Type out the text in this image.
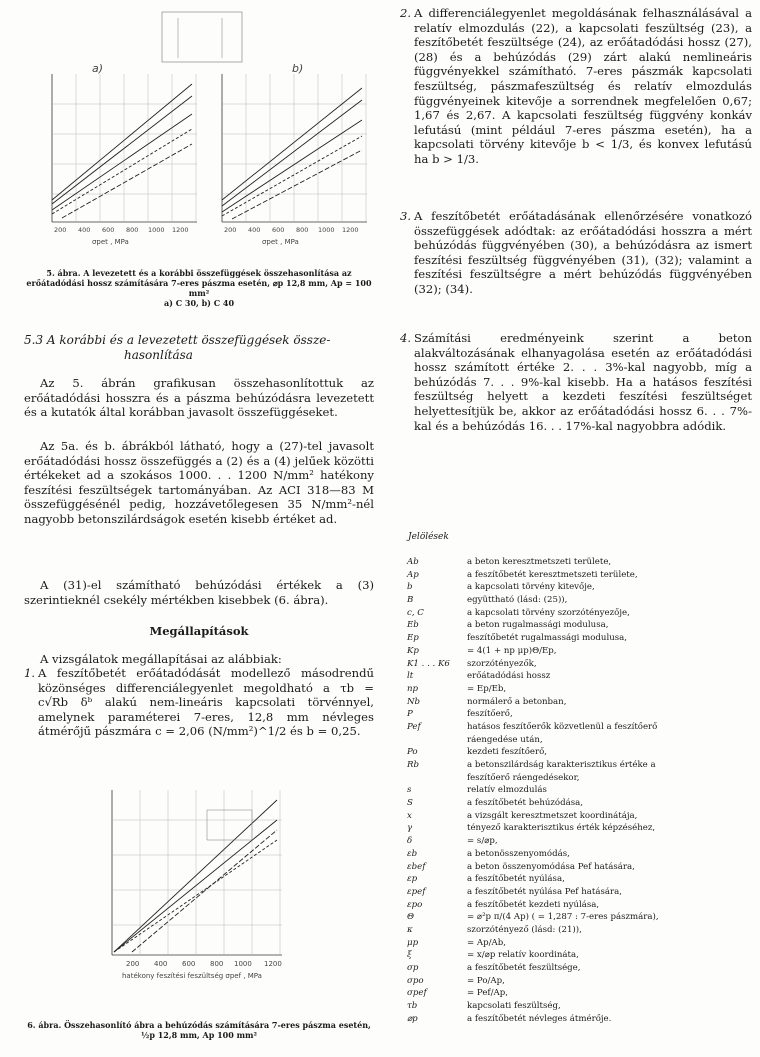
a)	b)
200 400 600 800 1000 1200	200 400 600 800 1000 1200
σpet , MPa	σpet , MPa
5. ábra. A levezetett és a korábbi összefüggések összehasonlítása az erőátadódási hossz számítására 7-eres pászma esetén, ⌀p 12,8 mm, Ap = 100 mm²
a) C 30, b) C 40
5.3 A korábbi és a levezetett összefüggések össze-
hasonlítása
Az 5. ábrán grafikusan összehasonlítottuk az erőátadódási hosszra és a pászma behúzódásra levezetett és a kutatók által korábban javasolt összefüggéseket.
Az 5a. és b. ábrákból látható, hogy a (27)-tel javasolt erőátadódási hossz összefüggés a (2) és a (4) jelűek közötti értékeket ad a szokásos 1000. . . 1200 N/mm² hatékony feszítési feszültségek tartományában. Az ACI 318—83 M összefüggésénél pedig, hozzávetőlegesen 35 N/mm²-nél nagyobb betonszilárdságok esetén kisebb értéket ad.
A (31)-el számítható behúzódási értékek a (3) szerintieknél csekély mértékben kisebbek (6. ábra).
Megállapítások
A vizsgálatok megállapításai az alábbiak:
1. A feszítőbetét erőátadódását modellező másodrendű közönséges differenciálegyenlet megoldható a τb = c√Rb δᵇ alakú nem-lineáris kapcsolati törvénnyel, amelynek paraméterei 7-eres, 12,8 mm névleges átmérőjű pászmára c = 2,06 (N/mm²)^1/2 és b = 0,25.
200 400 600 800 1000 1200
hatékony feszítési feszültség σpef , MPa
6. ábra. Összehasonlító ábra a behúzódás számítására 7-eres pászma esetén, ½p 12,8 mm, Ap 100 mm²
2. A differenciálegyenlet megoldásának felhasználásával a relatív elmozdulás (22), a kapcsolati feszültség (23), a feszítőbetét feszültsége (24), az erőátadódási hossz (27), (28) és a behúzódás (29) zárt alakú nemlineáris függvényekkel számítható. 7-eres pászmák kapcsolati feszültség, pászmafeszültség és relatív elmozdulás függvényeinek kitevője a sorrendnek megfelelően 0,67; 1,67 és 2,67. A kapcsolati feszültség függvény konkáv lefutású (mint például 7-eres pászma esetén), ha a kapcsolati törvény kitevője b < 1/3, és konvex lefutású ha b > 1/3.
3. A feszítőbetét erőátadásának ellenőrzésére vonatkozó összefüggések adódtak: az erőátadódási hosszra a mért behúzódás függvényében (30), a behúzódásra az ismert feszítési feszültség függvényében (31), (32); valamint a feszítési feszültségre a mért behúzódás függvényében (32); (34).
4. Számítási eredményeink szerint a beton alakváltozásának elhanyagolása esetén az erőátadódási hossz számított értéke 2. . . 3%-kal nagyobb, míg a behúzódás 7. . . 9%-kal kisebb. Ha a hatásos feszítési feszültség helyett a kezdeti feszítési feszültséget helyettesítjük be, akkor az erőátadódási hossz 6. . . 7%-kal és a behúzódás 16. . . 17%-kal nagyobbra adódik.
Jelölések
Ab	a beton keresztmetszeti területe,
Ap	a feszítőbetét keresztmetszeti területe,
b	a kapcsolati törvény kitevője,
B	együttható (lásd: (25)),
c, C	a kapcsolati törvény szorzótényezője,
Eb	a beton rugalmassági modulusa,
Ep	feszítőbetét rugalmassági modulusa,
Kp	= 4(1 + np μp)Θ/Ep,
K1 . . . K6 szorzótényezők,
lt	erőátadódási hossz
np	= Ep/Eb,
Nb	normálerő a betonban,
P	feszítőerő,
Pef	hatásos feszítőerők közvetlenül a feszítőerő
ráengedése után,
Po	kezdeti feszítőerő,
Rb	a betonszilárdság karakterisztikus értéke a
feszítőerő ráengedésekor,
s	relatív elmozdulás
S	a feszítőbetét behúzódása,
x	a vizsgált keresztmetszet koordinátája,
γ	tényező karakterisztikus érték képzéséhez,
δ	= s/⌀p,
εb	a betonösszenyomódás,
εbef	a beton összenyomódása Pef hatására,
εp	a feszítőbetét nyúlása,
εpef	a feszítőbetét nyúlása Pef hatására,
εpo	a feszítőbetét kezdeti nyúlása,
Θ	= ⌀²p π/(4 Ap) ( = 1,287 : 7-eres pászmára),
κ	szorzótényező (lásd: (21)),
μp	= Ap/Ab,
ξ	= x/⌀p relatív koordináta,
σp	a feszítőbetét feszültsége,
σpo	= Po/Ap,
σpef	= Pef/Ap,
τb	kapcsolati feszültség,
⌀p	a feszítőbetét névleges átmérője.
